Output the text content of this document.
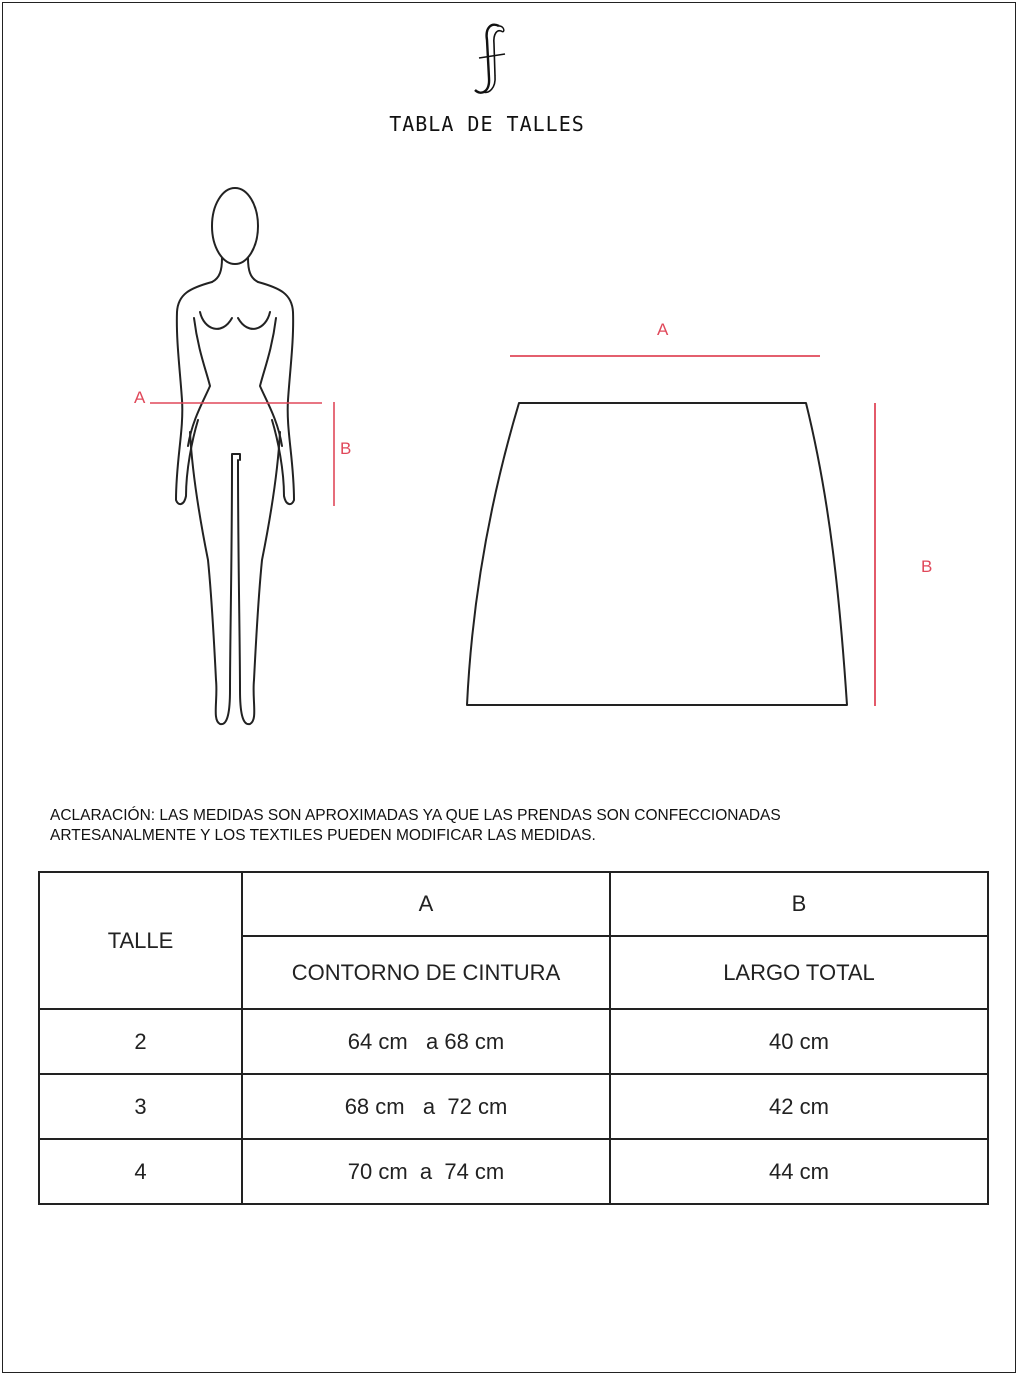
TABLA DE TALLES
A
B
A
B
ACLARACIÓN: LAS MEDIDAS SON APROXIMADAS YA QUE LAS PRENDAS SON CONFECCIONADAS
ARTESANALMENTE Y LOS TEXTILES PUEDEN MODIFICAR LAS MEDIDAS.
TALLE	A	B
	CONTORNO DE CINTURA	LARGO TOTAL
2	64 cm   a 68 cm	40 cm
3	68 cm   a  72 cm	42 cm
4	70 cm  a  74 cm	44 cm
